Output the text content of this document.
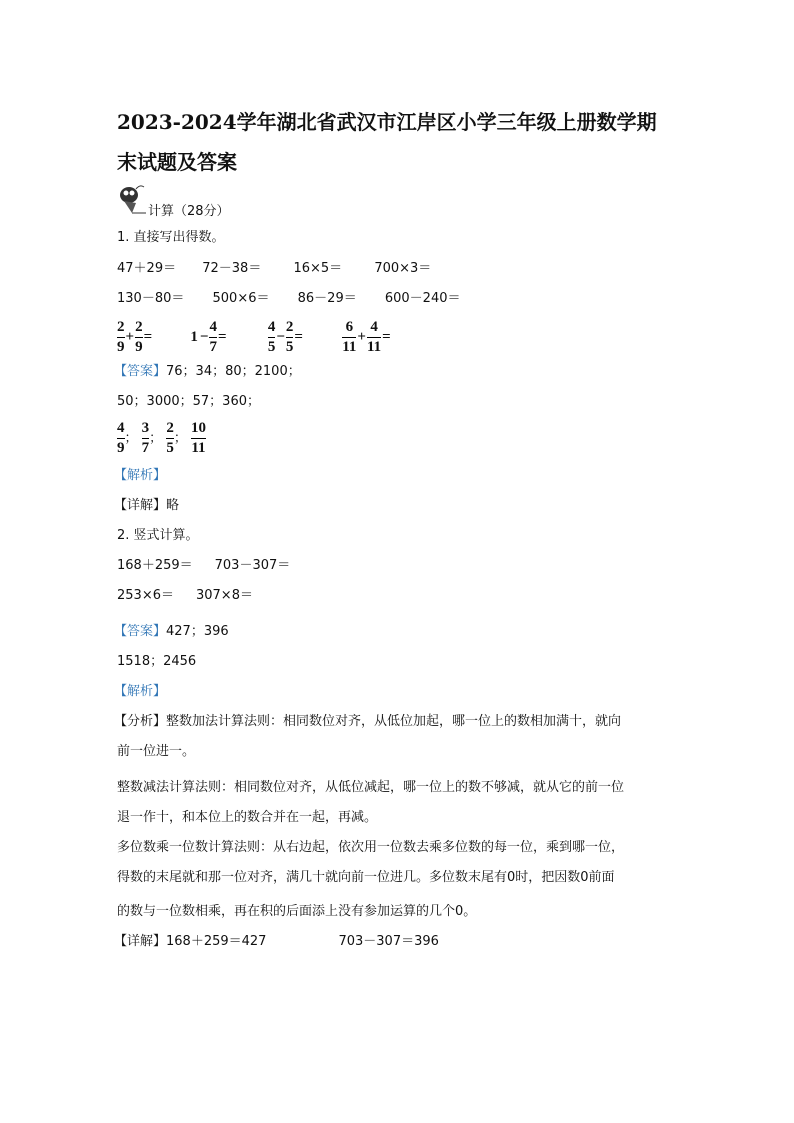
2023-2024学年湖北省武汉市江岸区小学三年级上册数学期
末试题及答案
计算（28分）
1. 直接写出得数。
47＋29＝ 72－38＝ 16×5＝ 700×3＝
130－80＝ 500×6＝ 86－29＝ 600－240＝
$\frac{2}{9} + \frac{2}{9}$ =	$1 - \frac{4}{7}$ =	$\frac{4}{5} - \frac{2}{5}$ =	$\frac{6}{11} + \frac{4}{11}$ =
【答案】76；34；80；2100；
50；3000；57；360；
$\frac{4}{9}$ ； $\frac{3}{7}$ ； $\frac{2}{5}$ ； $\frac{10}{11}$
【解析】
【详解】略
2. 竖式计算。
168＋259＝ 703－307＝
253×6＝ 307×8＝
【答案】427；396
1518；2456
【解析】
【分析】整数加法计算法则：相同数位对齐，从低位加起，哪一位上的数相加满十，就向
前一位进一。
整数减法计算法则：相同数位对齐，从低位减起，哪一位上的数不够减，就从它的前一位
退一作十，和本位上的数合并在一起，再减。
多位数乘一位数计算法则：从右边起，依次用一位数去乘多位数的每一位，乘到哪一位，
得数的末尾就和那一位对齐，满几十就向前一位进几。多位数末尾有0时，把因数0前面
的数与一位数相乘，再在积的后面添上没有参加运算的几个0。
【详解】168＋259＝427	703－307＝396
